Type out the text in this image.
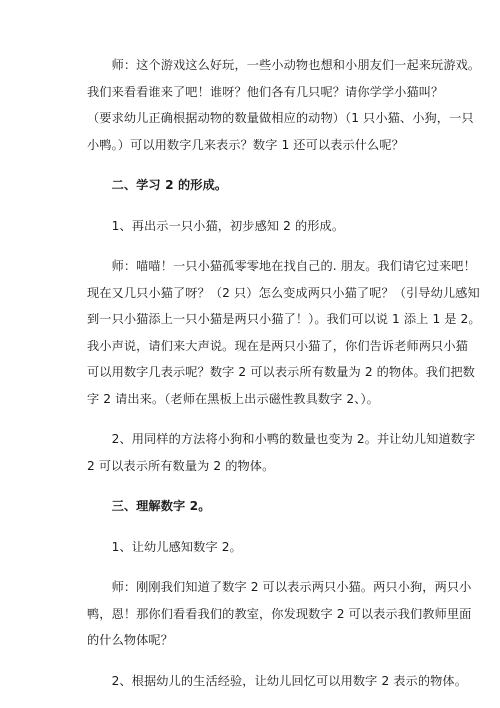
　　师：这个游戏这么好玩，一些小动物也想和小朋友们一起来玩游戏。
我们来看看谁来了吧！谁呀？他们各有几只呢？请你学学小猫叫？
（要求幼儿正确根据动物的数量做相应的动物）（1 只小猫、小狗，一只
小鸭。）可以用数字几来表示？数字 1 还可以表示什么呢？
　　二、学习 2 的形成。
　　1、再出示一只小猫，初步感知 2 的形成。
　　师：喵喵！一只小猫孤零零地在找自己的. 朋友。我们请它过来吧！
现在又几只小猫了呀？（2 只）怎么变成两只小猫了呢？（引导幼儿感知
到一只小猫添上一只小猫是两只小猫了！）。我们可以说 1 添上 1 是 2。
我小声说，请们来大声说。现在是两只小猫了，你们告诉老师两只小猫
可以用数字几表示呢？数字 2 可以表示所有数量为 2 的物体。我们把数
字 2 请出来。（老师在黑板上出示磁性教具数字 2、）。
　　2、用同样的方法将小狗和小鸭的数量也变为 2。并让幼儿知道数字
2 可以表示所有数量为 2 的物体。
　　三、理解数字 2。
　　1、让幼儿感知数字 2。
　　师：刚刚我们知道了数字 2 可以表示两只小猫。两只小狗，两只小
鸭，恩！那你们看看我们的教室，你发现数字 2 可以表示我们教师里面
的什么物体呢？
　　2、根据幼儿的生活经验，让幼儿回忆可以用数字 2 表示的物体。
